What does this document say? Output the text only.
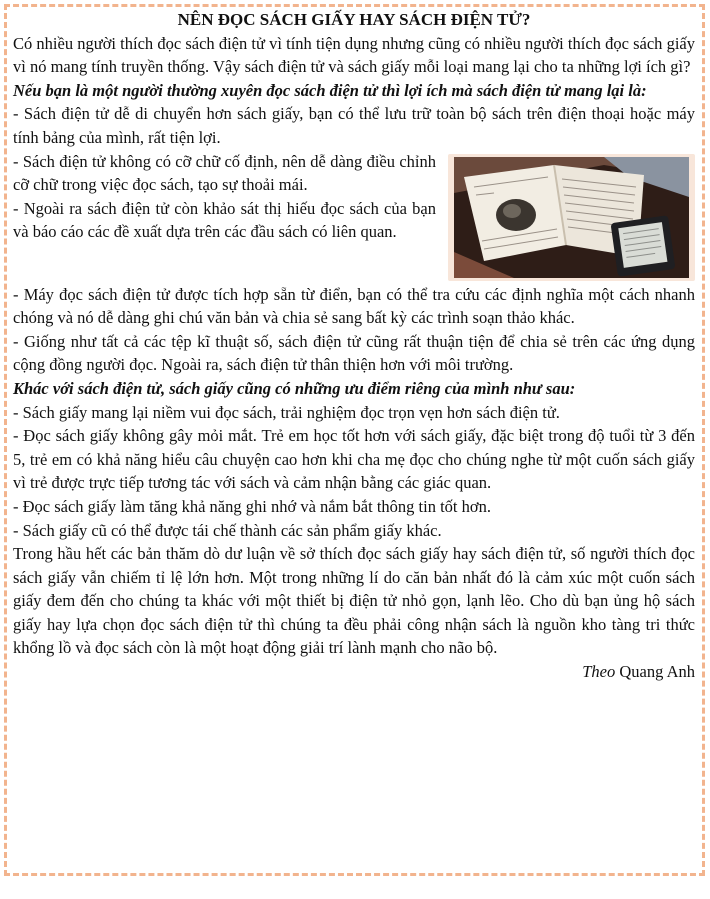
NÊN ĐỌC SÁCH GIẤY HAY SÁCH ĐIỆN TỬ?

Có nhiều người thích đọc sách điện tử vì tính tiện dụng nhưng cũng có nhiều người thích đọc sách giấy vì nó mang tính truyền thống. Vậy sách điện tử và sách giấy mỗi loại mang lại cho ta những lợi ích gì?

Nếu bạn là một người thường xuyên đọc sách điện tử thì lợi ích mà sách điện tử mang lại là:

- Sách điện tử dễ di chuyển hơn sách giấy, bạn có thể lưu trữ toàn bộ sách trên điện thoại hoặc máy tính bảng của mình, rất tiện lợi.

- Sách điện tử không có cỡ chữ cố định, nên dễ dàng điều chỉnh cỡ chữ trong việc đọc sách, tạo sự thoải mái.

- Ngoài ra sách điện tử còn khảo sát thị hiếu đọc sách của bạn và báo cáo các đề xuất dựa trên các đầu sách có liên quan.

- Máy đọc sách điện tử được tích hợp sẵn từ điển, bạn có thể tra cứu các định nghĩa một cách nhanh chóng và nó dễ dàng ghi chú văn bản và chia sẻ sang bất kỳ các trình soạn thảo khác.

- Giống như tất cả các tệp kĩ thuật số, sách điện tử cũng rất thuận tiện để chia sẻ trên các ứng dụng cộng đồng người đọc. Ngoài ra, sách điện tử thân thiện hơn với môi trường.

Khác với sách điện tử, sách giấy cũng có những ưu điểm riêng của mình như sau:

- Sách giấy mang lại niềm vui đọc sách, trải nghiệm đọc trọn vẹn hơn sách điện tử.

- Đọc sách giấy không gây mỏi mắt. Trẻ em học tốt hơn với sách giấy, đặc biệt trong độ tuổi từ 3 đến 5, trẻ em có khả năng hiểu câu chuyện cao hơn khi cha mẹ đọc cho chúng nghe từ một cuốn sách giấy vì trẻ được trực tiếp tương tác với sách và cảm nhận bằng các giác quan.

- Đọc sách giấy làm tăng khả năng ghi nhớ và nắm bắt thông tin tốt hơn.

- Sách giấy cũ có thể được tái chế thành các sản phẩm giấy khác.

Trong hầu hết các bản thăm dò dư luận về sở thích đọc sách giấy hay sách điện tử, số người thích đọc sách giấy vẫn chiếm tỉ lệ lớn hơn. Một trong những lí do căn bản nhất đó là cảm xúc một cuốn sách giấy đem đến cho chúng ta khác với một thiết bị điện tử nhỏ gọn, lạnh lẽo. Cho dù bạn ủng hộ sách giấy hay lựa chọn đọc sách điện tử thì chúng ta đều phải công nhận sách là nguồn kho tàng tri thức khổng lồ và đọc sách còn là một hoạt động giải trí lành mạnh cho não bộ.

Theo Quang Anh
